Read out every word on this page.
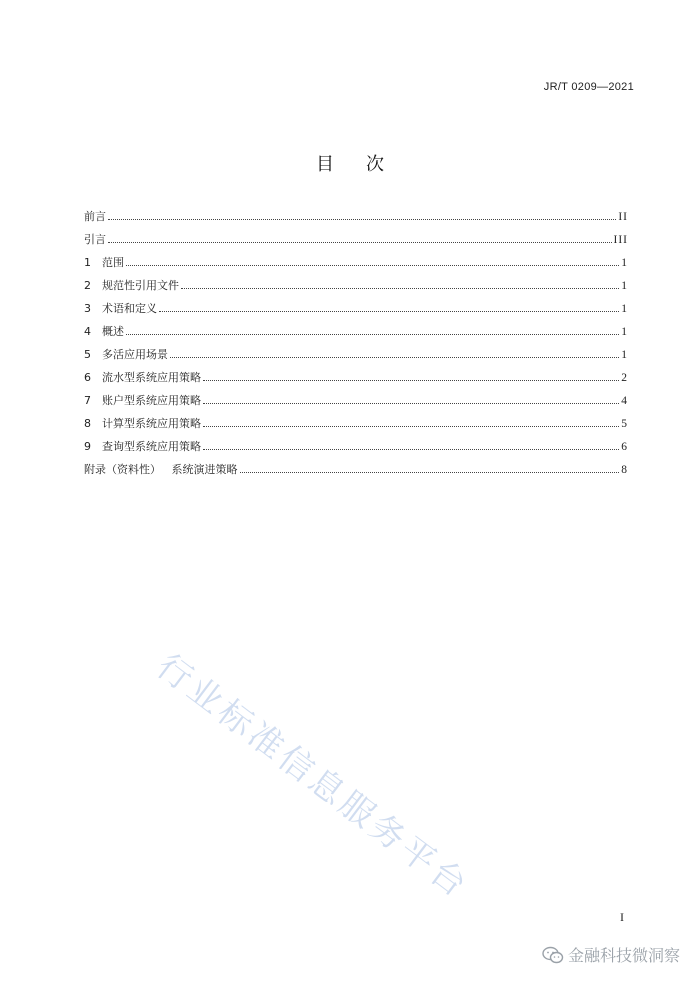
JR/T 0209—2021
目次
前言	II
引言	III
1	范围	1
2	规范性引用文件	1
3	术语和定义	1
4	概述	1
5	多活应用场景	1
6	流水型系统应用策略	2
7	账户型系统应用策略	4
8	计算型系统应用策略	5
9	查询型系统应用策略	6
附录（资料性）   系统演进策略	8
行业标准信息服务平台
I
金融科技微洞察
